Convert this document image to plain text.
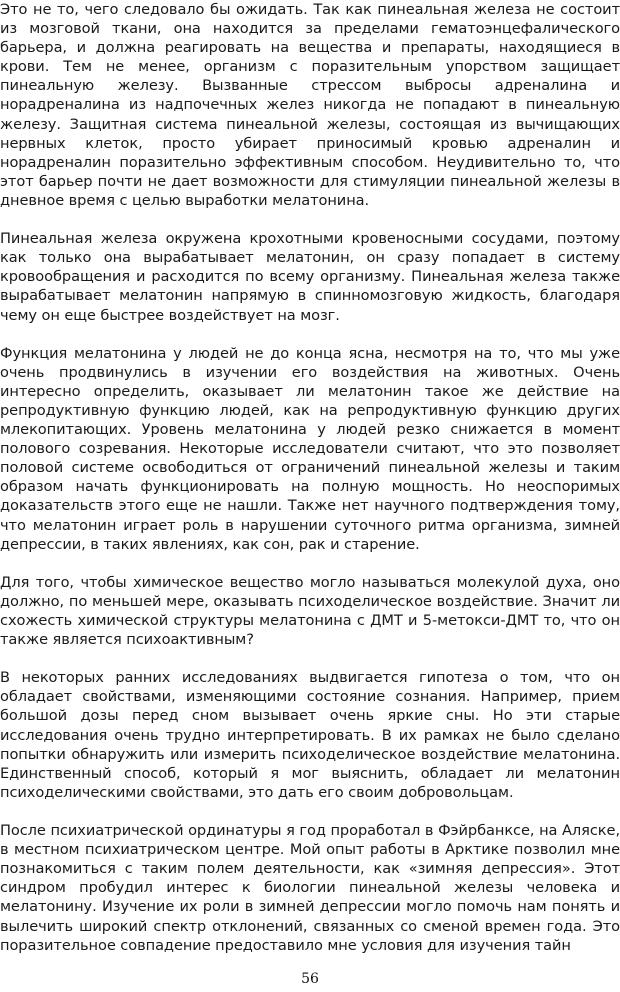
Это не то, чего следовало бы ожидать. Так как пинеальная железа не состоит из мозговой ткани, она находится за пределами гематоэнцефалического барьера, и должна реагировать на вещества и препараты, находящиеся в крови. Тем не менее, организм с поразительным упорством защищает пинеальную железу. Вызванные стрессом выбросы адреналина и норадреналина из надпочечных желез никогда не попадают в пинеальную железу. Защитная система пинеальной железы, состоящая из вычищающих нервных клеток, просто убирает приносимый кровью адреналин и норадреналин поразительно эффективным способом. Неудивительно то, что этот барьер почти не дает возможности для стимуляции пинеальной железы в дневное время с целью выработки мелатонина.

Пинеальная железа окружена крохотными кровеносными сосудами, поэтому как только она вырабатывает мелатонин, он сразу попадает в систему кровообращения и расходится по всему организму. Пинеальная железа также вырабатывает мелатонин напрямую в спинномозговую жидкость, благодаря чему он еще быстрее воздействует на мозг.

Функция мелатонина у людей не до конца ясна, несмотря на то, что мы уже очень продвинулись в изучении его воздействия на животных. Очень интересно определить, оказывает ли мелатонин такое же действие на репродуктивную функцию людей, как на репродуктивную функцию других млекопитающих. Уровень мелатонина у людей резко снижается в момент полового созревания. Некоторые исследователи считают, что это позволяет половой системе освободиться от ограничений пинеальной железы и таким образом начать функционировать на полную мощность. Но неоспоримых доказательств этого еще не нашли. Также нет научного подтверждения тому, что мелатонин играет роль в нарушении суточного ритма организма, зимней депрессии, в таких явлениях, как сон, рак и старение.

Для того, чтобы химическое вещество могло называться молекулой духа, оно должно, по меньшей мере, оказывать психоделическое воздействие. Значит ли схожесть химической структуры мелатонина с ДМТ и 5-метокси-ДМТ то, что он также является психоактивным?

В некоторых ранних исследованиях выдвигается гипотеза о том, что он обладает свойствами, изменяющими состояние сознания. Например, прием большой дозы перед сном вызывает очень яркие сны. Но эти старые исследования очень трудно интерпретировать. В их рамках не было сделано попытки обнаружить или измерить психоделическое воздействие мелатонина. Единственный способ, который я мог выяснить, обладает ли мелатонин психоделическими свойствами, это дать его своим добровольцам.

После психиатрической ординатуры я год проработал в Фэйрбанксе, на Аляске, в местном психиатрическом центре. Мой опыт работы в Арктике позволил мне познакомиться с таким полем деятельности, как «зимняя депрессия». Этот синдром пробудил интерес к биологии пинеальной железы человека и мелатонину. Изучение их роли в зимней депрессии могло помочь нам понять и вылечить широкий спектр отклонений, связанных со сменой времен года. Это поразительное совпадение предоставило мне условия для изучения тайн

56
